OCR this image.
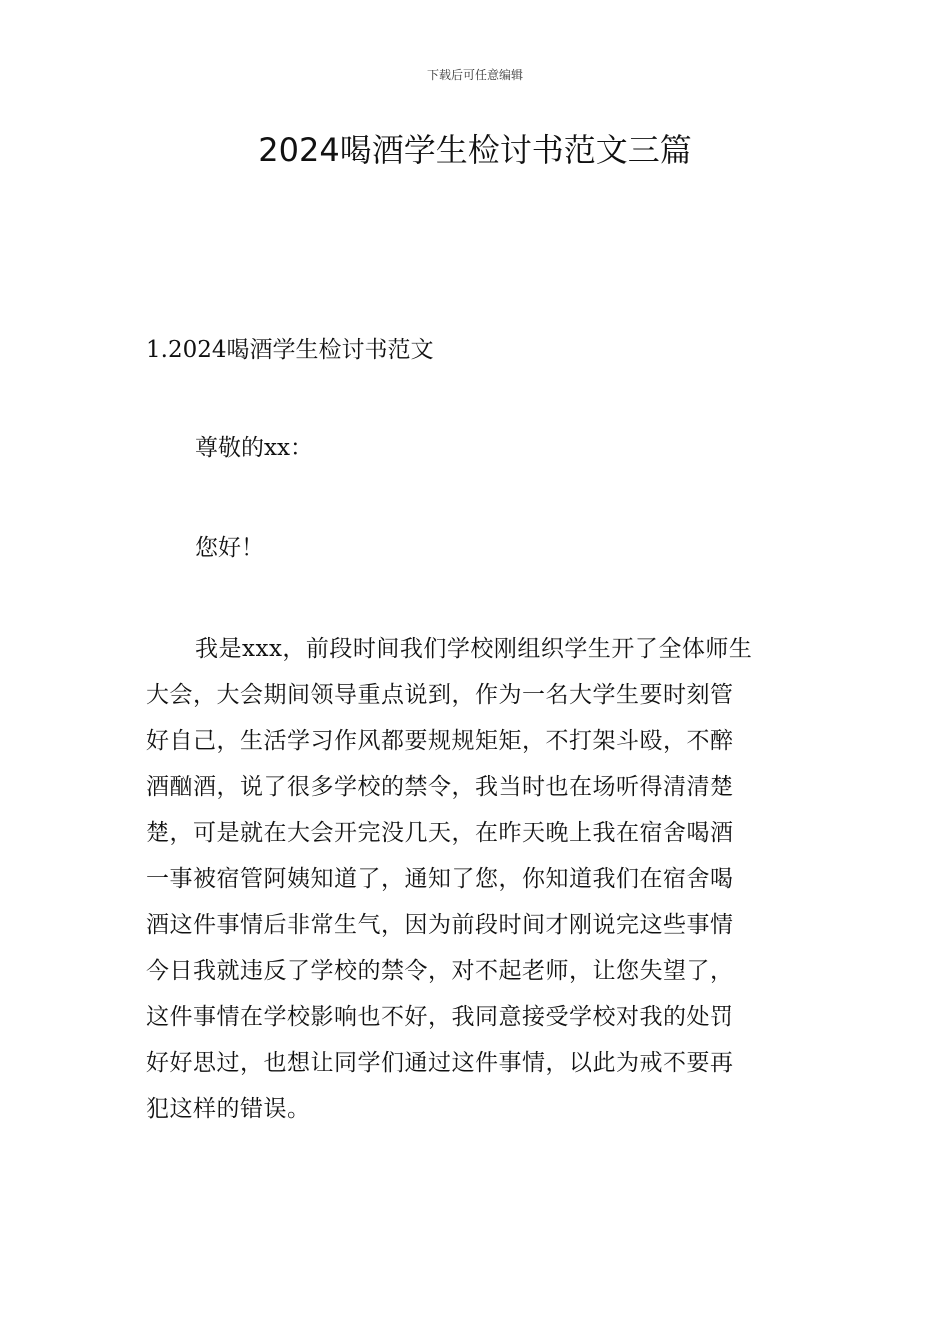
下载后可任意编辑
2024喝酒学生检讨书范文三篇
1.2024喝酒学生检讨书范文
尊敬的xx：
您好！

我是xxx，前段时间我们学校刚组织学生开了全体师生
大会，大会期间领导重点说到，作为一名大学生要时刻管
好自己，生活学习作风都要规规矩矩，不打架斗殴，不醉
酒酗酒，说了很多学校的禁令，我当时也在场听得清清楚
楚，可是就在大会开完没几天，在昨天晚上我在宿舍喝酒
一事被宿管阿姨知道了，通知了您，你知道我们在宿舍喝
酒这件事情后非常生气，因为前段时间才刚说完这些事情
今日我就违反了学校的禁令，对不起老师，让您失望了，
这件事情在学校影响也不好，我同意接受学校对我的处罚
好好思过，也想让同学们通过这件事情，以此为戒不要再
犯这样的错误。
